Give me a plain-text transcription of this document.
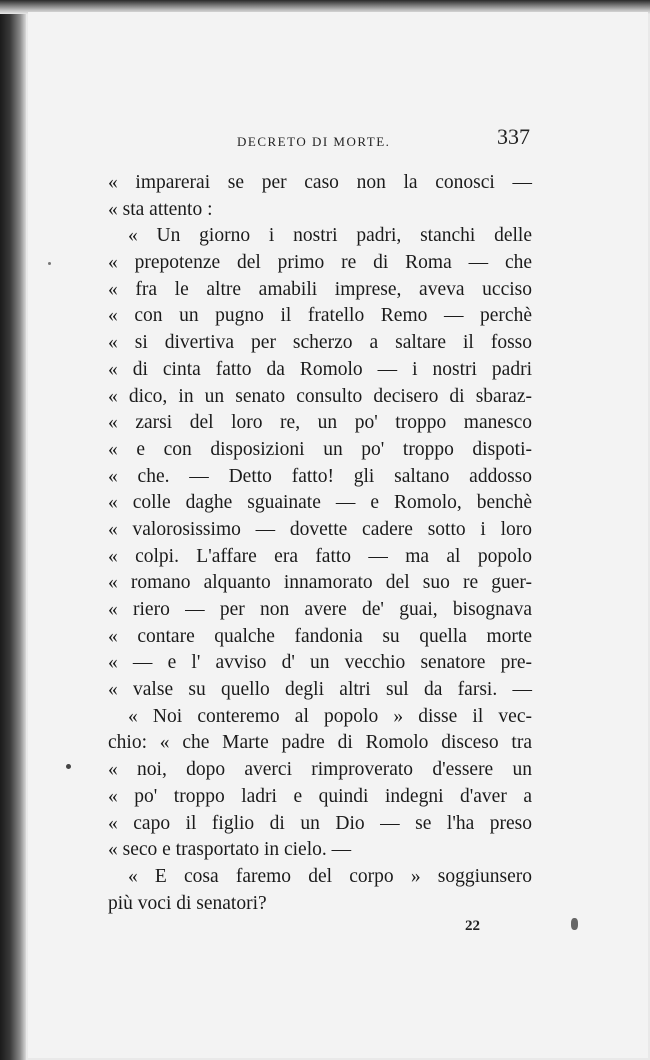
DECRETO DI MORTE.	337
« imparerai se per caso non la conosci —
« sta attento :
« Un giorno i nostri padri, stanchi delle
« prepotenze del primo re di Roma — che
« fra le altre amabili imprese, aveva ucciso
« con un pugno il fratello Remo — perchè
« si divertiva per scherzo a saltare il fosso
« di cinta fatto da Romolo — i nostri padri
« dico, in un senato consulto decisero di sbaraz-
« zarsi del loro re, un po' troppo manesco
« e con disposizioni un po' troppo dispoti-
« che. — Detto fatto! gli saltano addosso
« colle daghe sguainate — e Romolo, benchè
« valorosissimo — dovette cadere sotto i loro
« colpi. L'affare era fatto — ma al popolo
« romano alquanto innamorato del suo re guer-
« riero — per non avere de' guai, bisognava
« contare qualche fandonia su quella morte
« — e l' avviso d' un vecchio senatore pre-
« valse su quello degli altri sul da farsi. —
« Noi conteremo al popolo » disse il vec-
chio: « che Marte padre di Romolo disceso tra
« noi, dopo averci rimproverato d'essere un
« po' troppo ladri e quindi indegni d'aver a
« capo il figlio di un Dio — se l'ha preso
« seco e trasportato in cielo. —
« E cosa faremo del corpo » soggiunsero
più voci di senatori?
22
